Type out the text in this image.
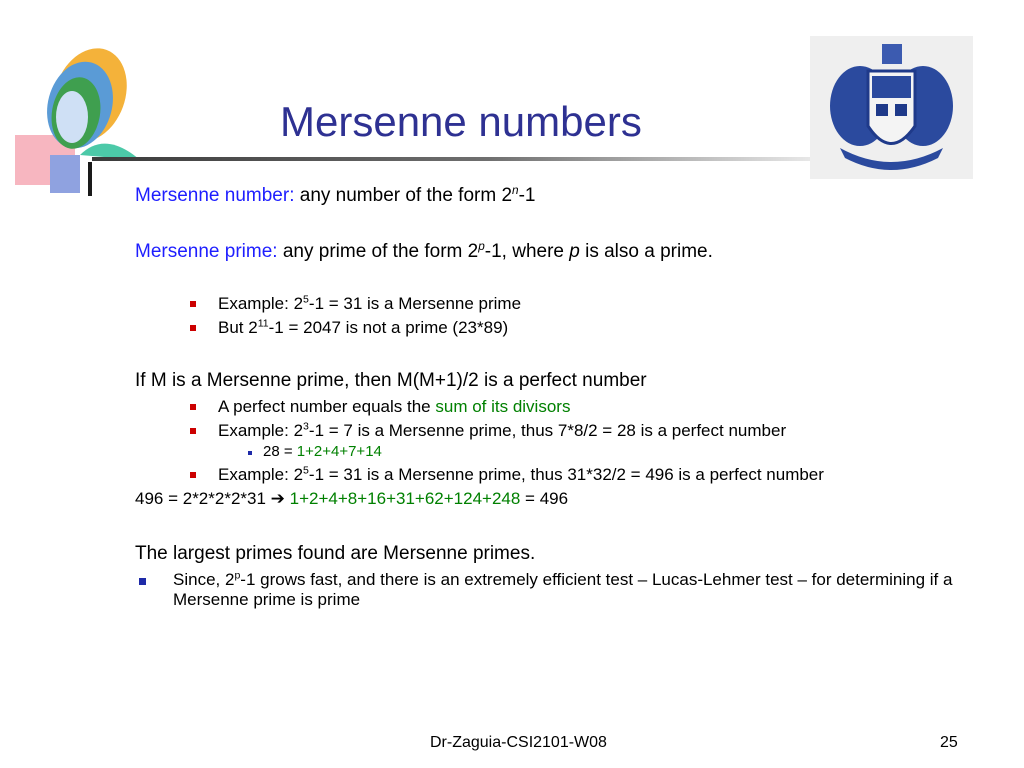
Mersenne numbers
Mersenne number: any number of the form 2$^n$-1
Mersenne prime: any prime of the form 2$^p$-1, where p is also a prime.
Example: $2^5-1 = 31$ is a Mersenne prime
But $2^{11}-1 = 2047$ is not a prime (23*89)
If M is a Mersenne prime, then M(M+1)/2 is a perfect number
A perfect number equals the sum of its divisors
Example: $2^3-1 = 7$ is a Mersenne prime, thus 7*8/2 = 28 is a perfect number
28 = 1+2+4+7+14
Example: $2^5-1 = 31$ is a Mersenne prime, thus 31*32/2 = 496 is a perfect number
496 = 2*2*2*2*31 ➔ 1+2+4+8+16+31+62+124+248 = 496
The largest primes found are Mersenne primes.
Since, 2$^p$-1 grows fast, and there is an extremely efficient test – Lucas-Lehmer test – for determining if a Mersenne prime is prime
Dr-Zaguia-CSI2101-W08	25
